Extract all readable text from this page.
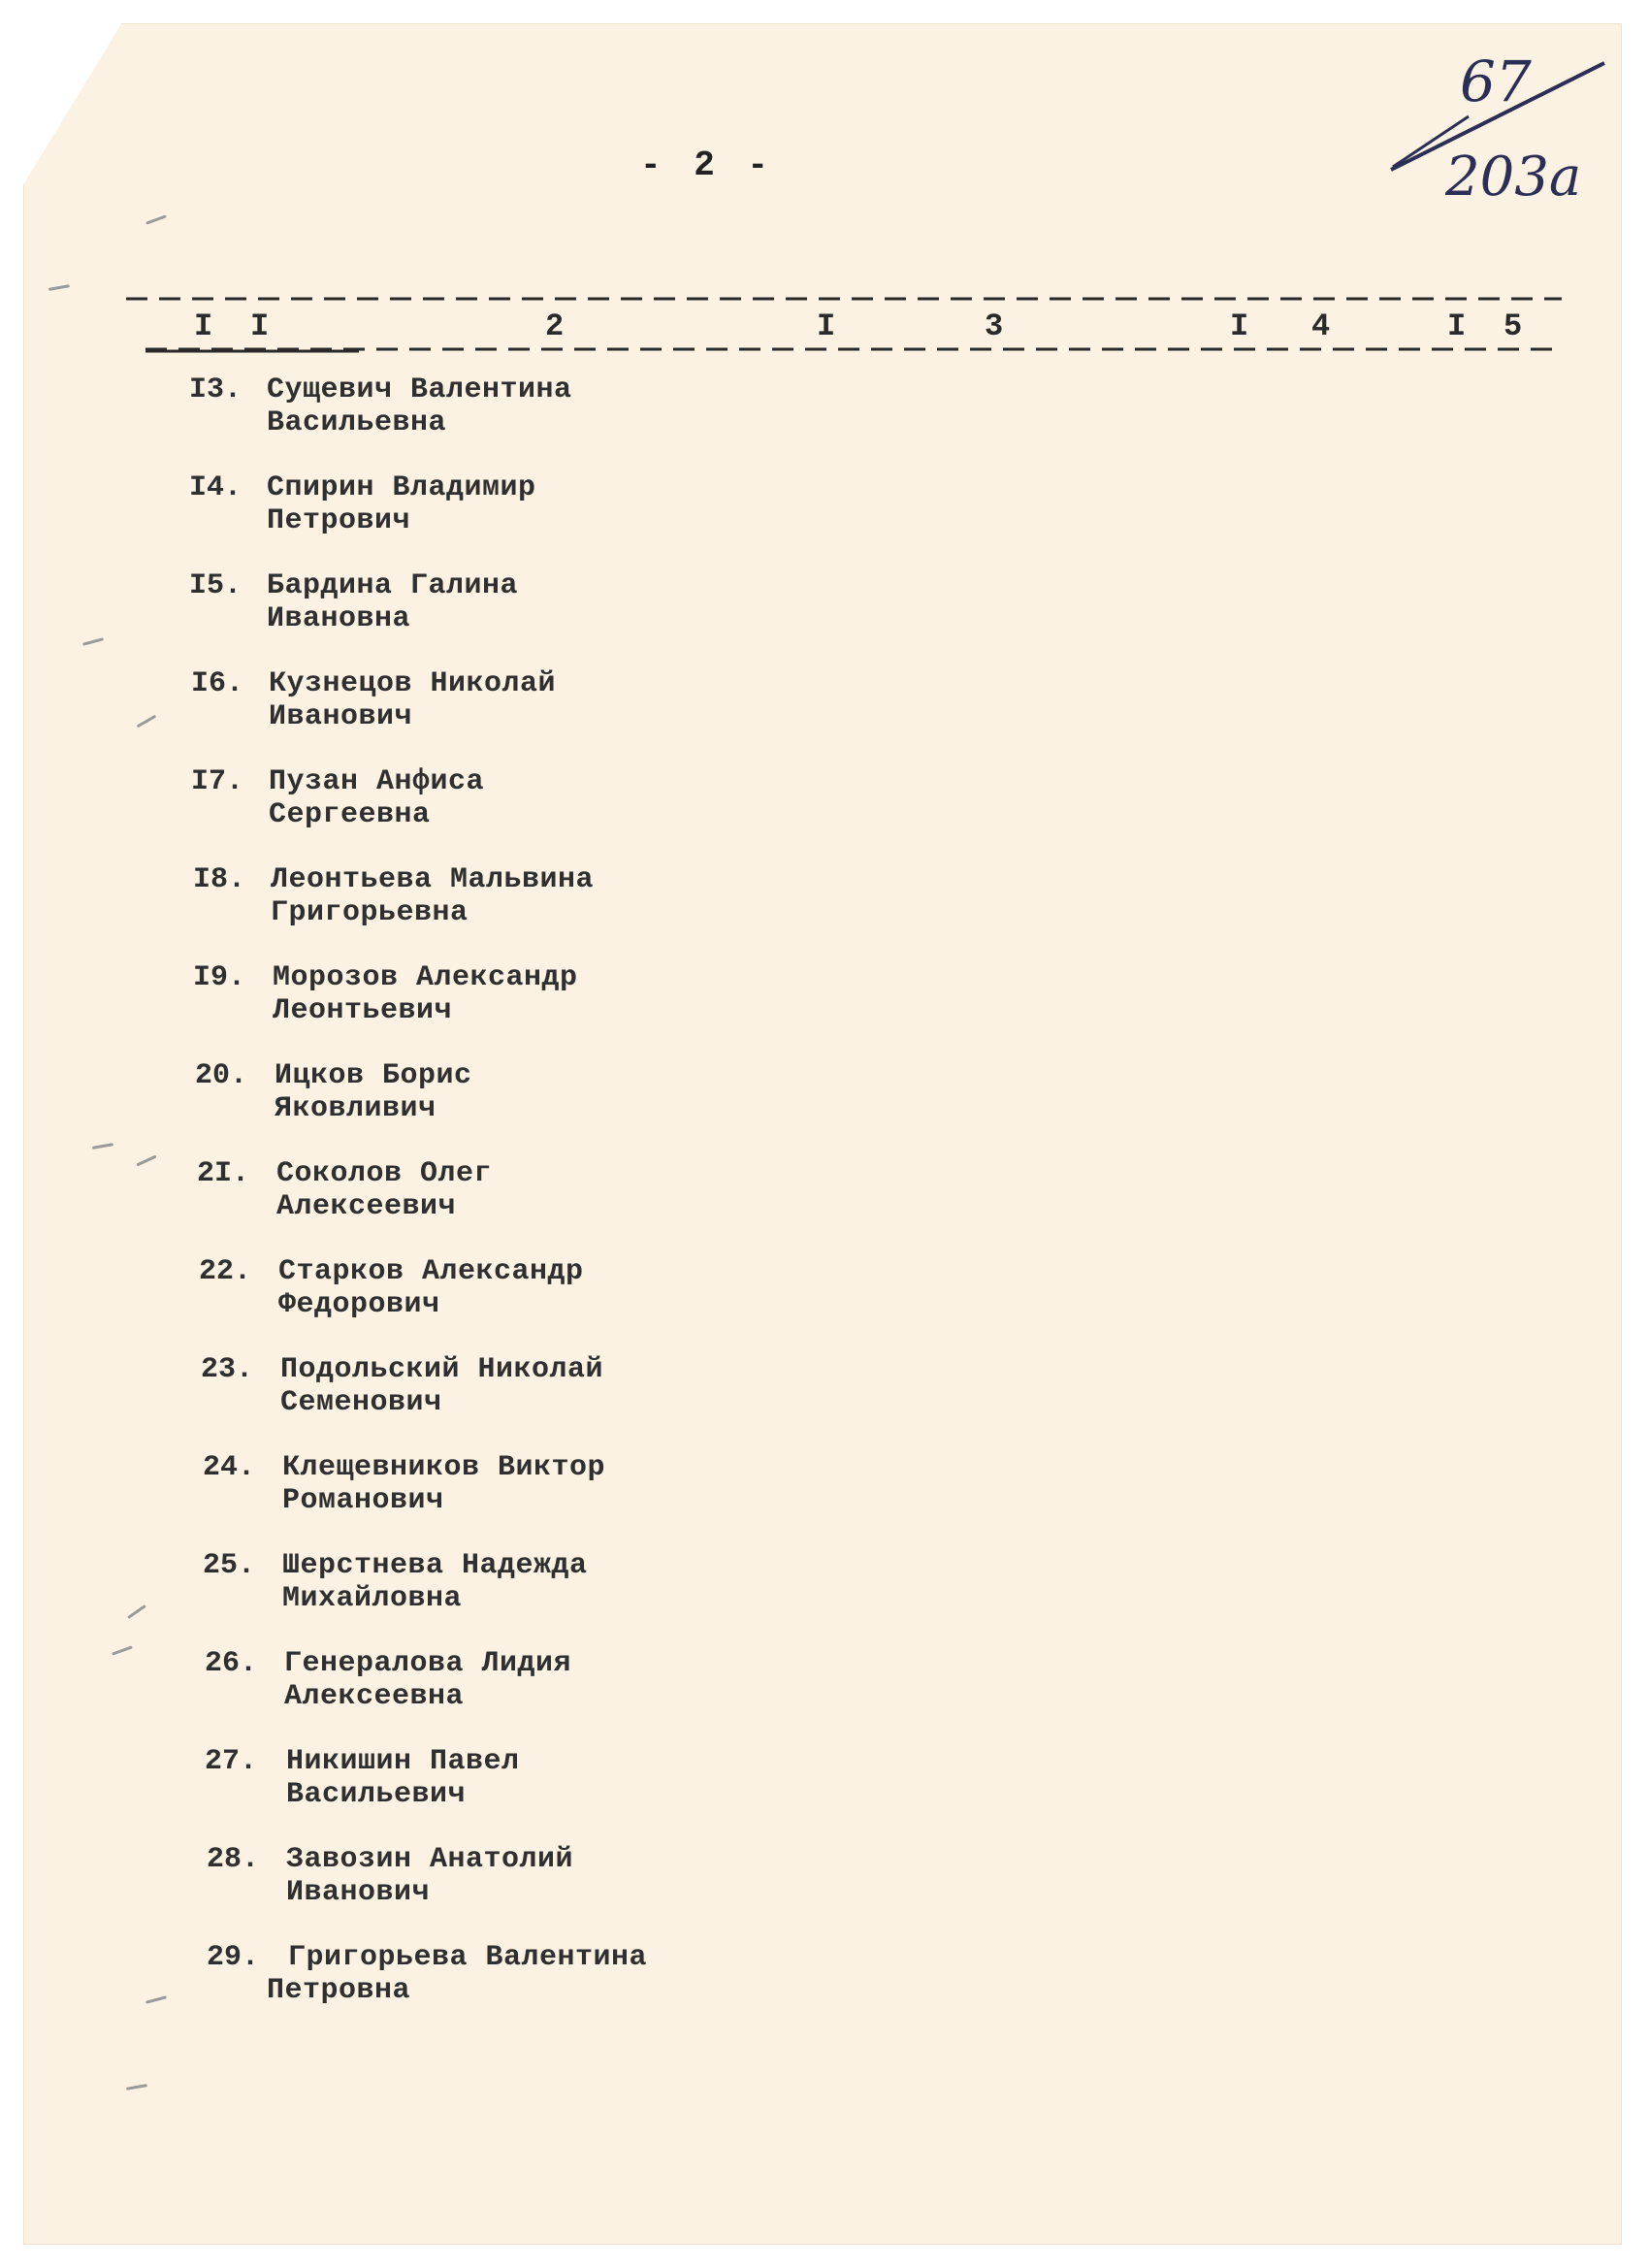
- 2 -
67
203а
I I	2	I	3	I 4	I 5
I3. Сущевич Валентина
Васильевна
I4. Спирин Владимир
Петрович
I5. Бардина Галина
Ивановна
I6. Кузнецов Николай
Иванович
I7. Пузан Анфиса
Сергеевна
I8. Леонтьева Мальвина
Григорьевна
I9. Морозов Александр
Леонтьевич
20. Ицков Борис
Яковливич
2I. Соколов Олег
Алексеевич
22. Старков Александр
Федорович
23. Подольский Николай
Семенович
24. Клещевников Виктор
Романович
25. Шерстнева Надежда
Михайловна
26. Генералова Лидия
Алексеевна
27. Никишин Павел
Васильевич
28. Завозин Анатолий
Иванович
29. Григорьева Валентина
Петровна
